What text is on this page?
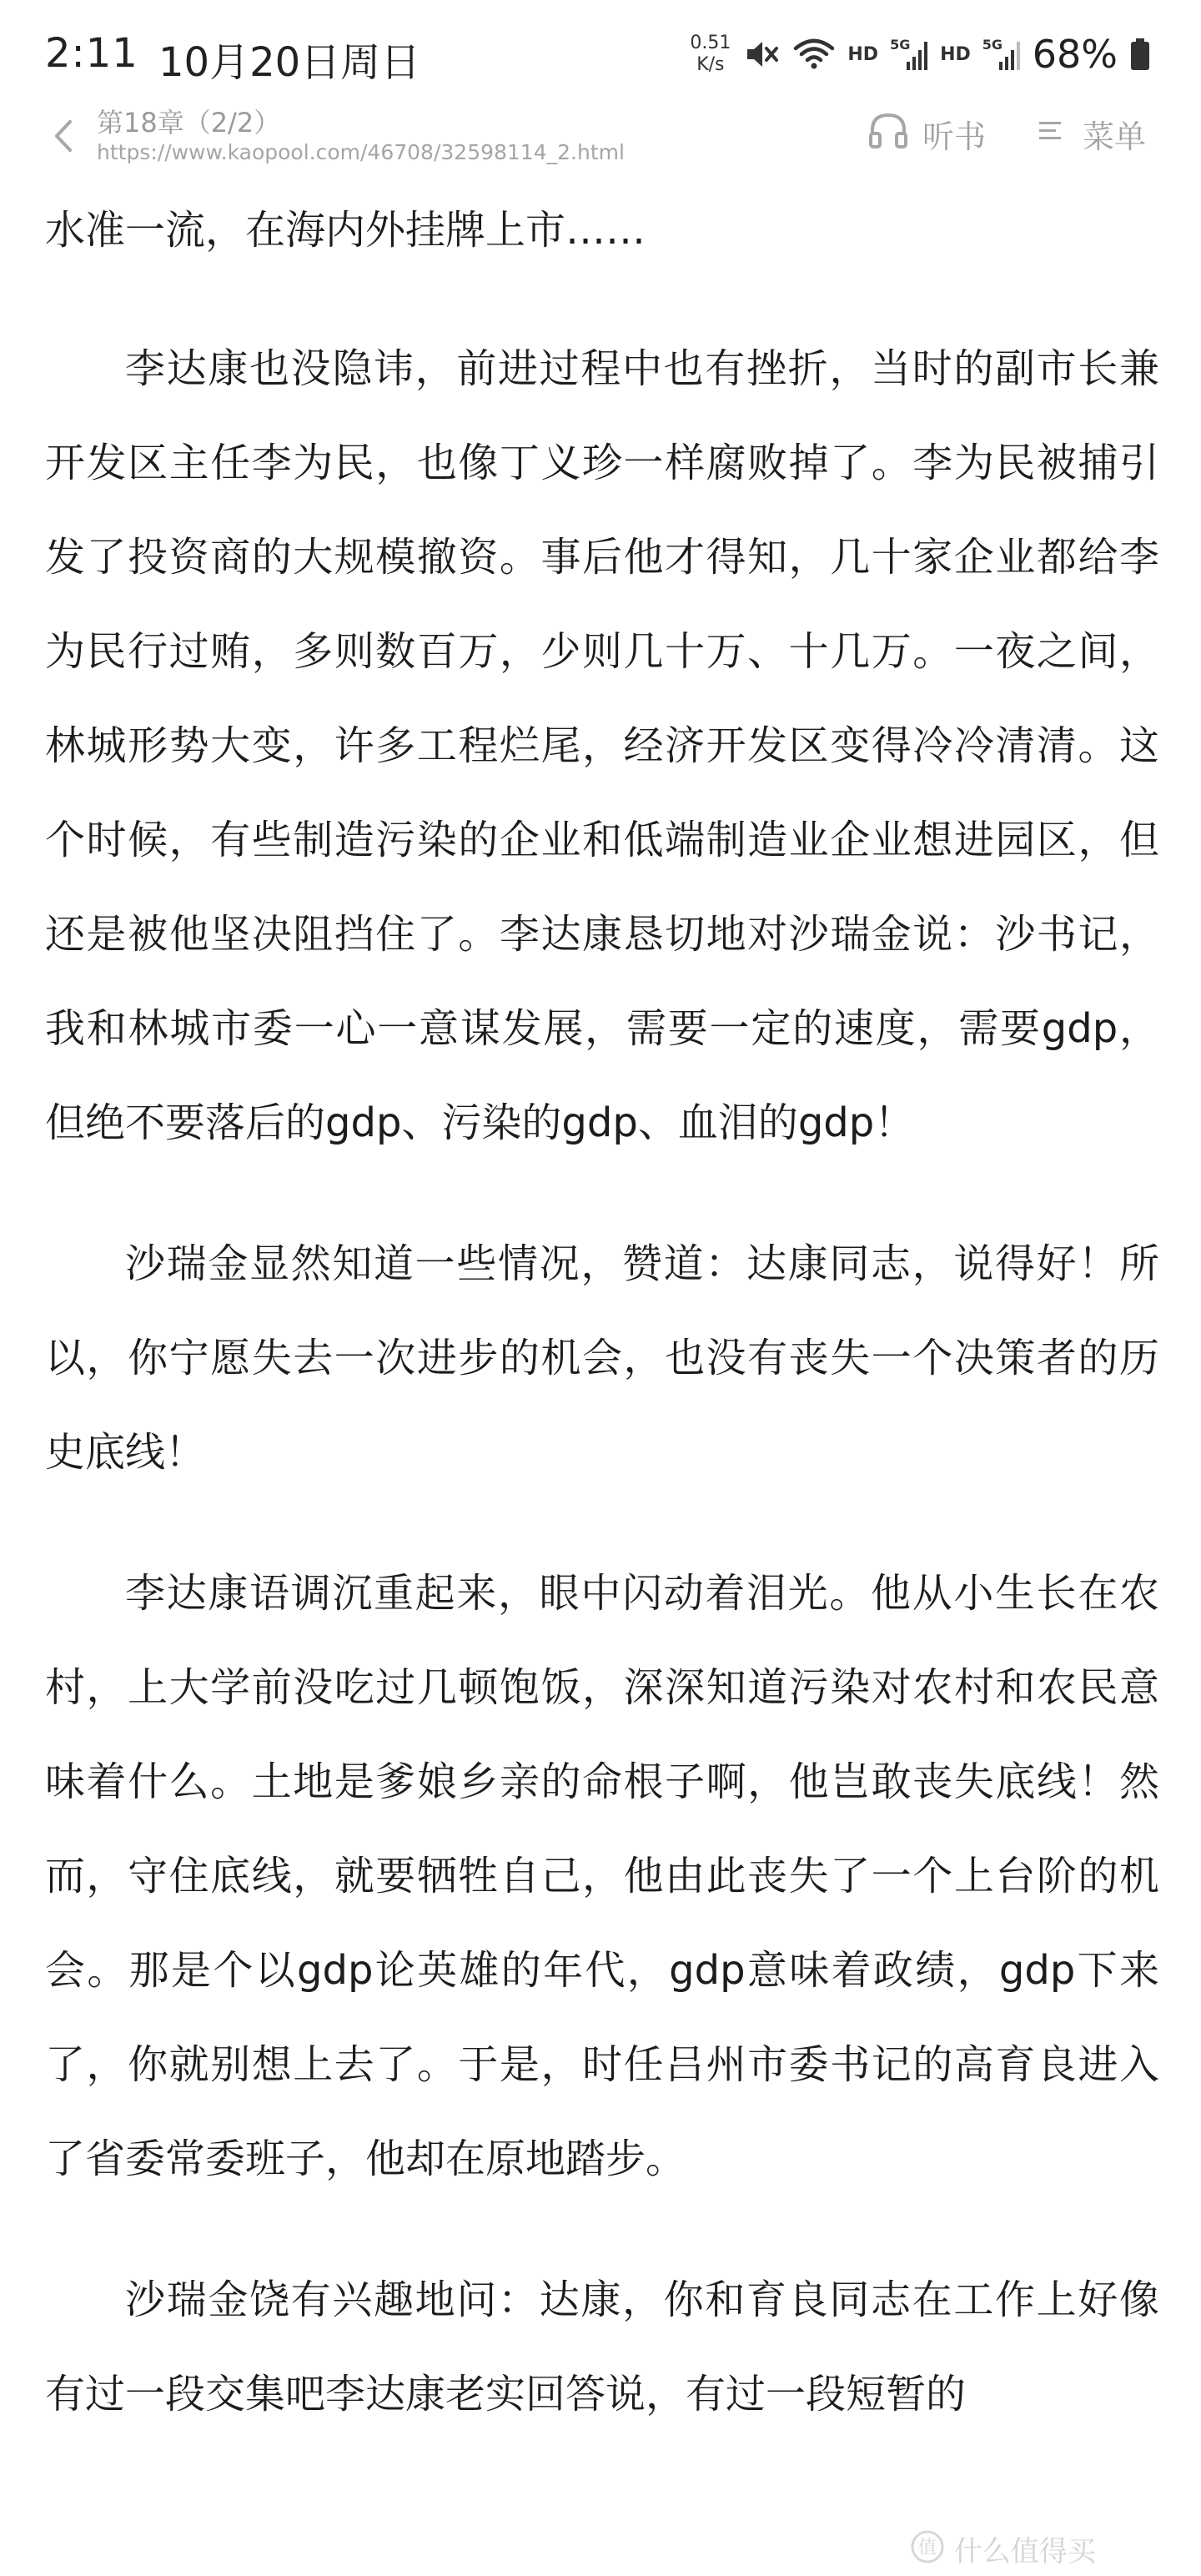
2:11 10月20日周日	0.51
K/s	HD 5G HD 5G 68%
第18章（2/2）
https://www.kaopool.com/46708/32598114_2.html	听书	菜单

水准一流，在海内外挂牌上市……

李达康也没隐讳，前进过程中也有挫折，当时的副市长兼开发区主任李为民，也像丁义珍一样腐败掉了。李为民被捕引发了投资商的大规模撤资。事后他才得知，几十家企业都给李为民行过贿，多则数百万，少则几十万、十几万。一夜之间，林城形势大变，许多工程烂尾，经济开发区变得冷冷清清。这个时候，有些制造污染的企业和低端制造业企业想进园区，但还是被他坚决阻挡住了。李达康恳切地对沙瑞金说：沙书记，我和林城市委一心一意谋发展，需要一定的速度，需要gdp，但绝不要落后的gdp、污染的gdp、血泪的gdp！

沙瑞金显然知道一些情况，赞道：达康同志，说得好！所以，你宁愿失去一次进步的机会，也没有丧失一个决策者的历史底线！

李达康语调沉重起来，眼中闪动着泪光。他从小生长在农村，上大学前没吃过几顿饱饭，深深知道污染对农村和农民意味着什么。土地是爹娘乡亲的命根子啊，他岂敢丧失底线！然而，守住底线，就要牺牲自己，他由此丧失了一个上台阶的机会。那是个以gdp论英雄的年代，gdp意味着政绩，gdp下来了，你就别想上去了。于是，时任吕州市委书记的高育良进入了省委常委班子，他却在原地踏步。

沙瑞金饶有兴趣地问：达康，你和育良同志在工作上好像有过一段交集吧李达康老实回答说，有过一段短暂的

值 什么值得买
